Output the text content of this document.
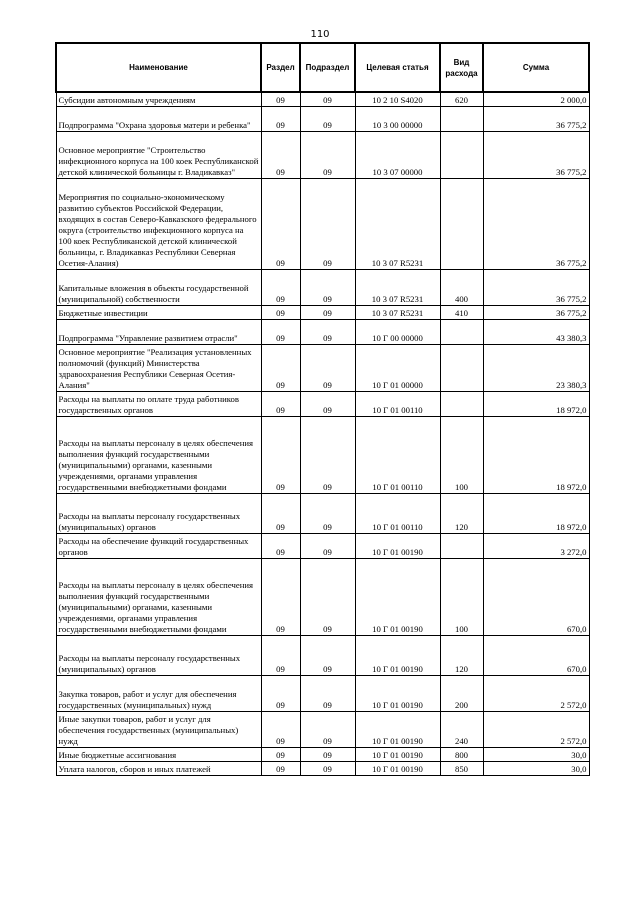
110
Наименование	Раздел	Подраздел	Целевая статья	Вид расхода	Сумма
Субсидии автономным учреждениям	09	09	10 2 10 S4020	620	2 000,0
Подпрограмма "Охрана здоровья матери и ребенка"	09	09	10 3 00 00000		36 775,2
Основное мероприятие "Строительство инфекционного корпуса на 100 коек Республиканской детской клинической больницы г. Владикавказ"	09	09	10 3 07 00000		36 775,2
Мероприятия по социально-экономическому развитию субъектов Российской Федерации, входящих в состав Северо-Кавказского федерального округа (строительство инфекционного корпуса на 100 коек Республиканской детской клинической больницы, г. Владикавказ Республики Северная Осетия-Алания)	09	09	10 3 07 R5231		36 775,2
Капитальные вложения в объекты государственной (муниципальной) собственности	09	09	10 3 07 R5231	400	36 775,2
Бюджетные инвестиции	09	09	10 3 07 R5231	410	36 775,2
Подпрограмма "Управление развитием отрасли"	09	09	10 Г 00 00000		43 380,3
Основное мероприятие "Реализация установленных полномочий (функций) Министерства здравоохранения Республики Северная Осетия-Алания"	09	09	10 Г 01 00000		23 380,3
Расходы на выплаты по оплате труда работников государственных органов	09	09	10 Г 01 00110		18 972,0
Расходы на выплаты персоналу в целях обеспечения выполнения функций государственными (муниципальными) органами, казенными учреждениями, органами управления государственными внебюджетными фондами	09	09	10 Г 01 00110	100	18 972,0
Расходы на выплаты персоналу государственных (муниципальных) органов	09	09	10 Г 01 00110	120	18 972,0
Расходы на обеспечение функций государственных органов	09	09	10 Г 01 00190		3 272,0
Расходы на выплаты персоналу в целях обеспечения выполнения функций государственными (муниципальными) органами, казенными учреждениями, органами управления государственными внебюджетными фондами	09	09	10 Г 01 00190	100	670,0
Расходы на выплаты персоналу государственных (муниципальных) органов	09	09	10 Г 01 00190	120	670,0
Закупка товаров, работ и услуг для обеспечения государственных (муниципальных) нужд	09	09	10 Г 01 00190	200	2 572,0
Иные закупки товаров, работ и услуг для обеспечения государственных (муниципальных) нужд	09	09	10 Г 01 00190	240	2 572,0
Иные бюджетные ассигнования	09	09	10 Г 01 00190	800	30,0
Уплата налогов, сборов и иных платежей	09	09	10 Г 01 00190	850	30,0
